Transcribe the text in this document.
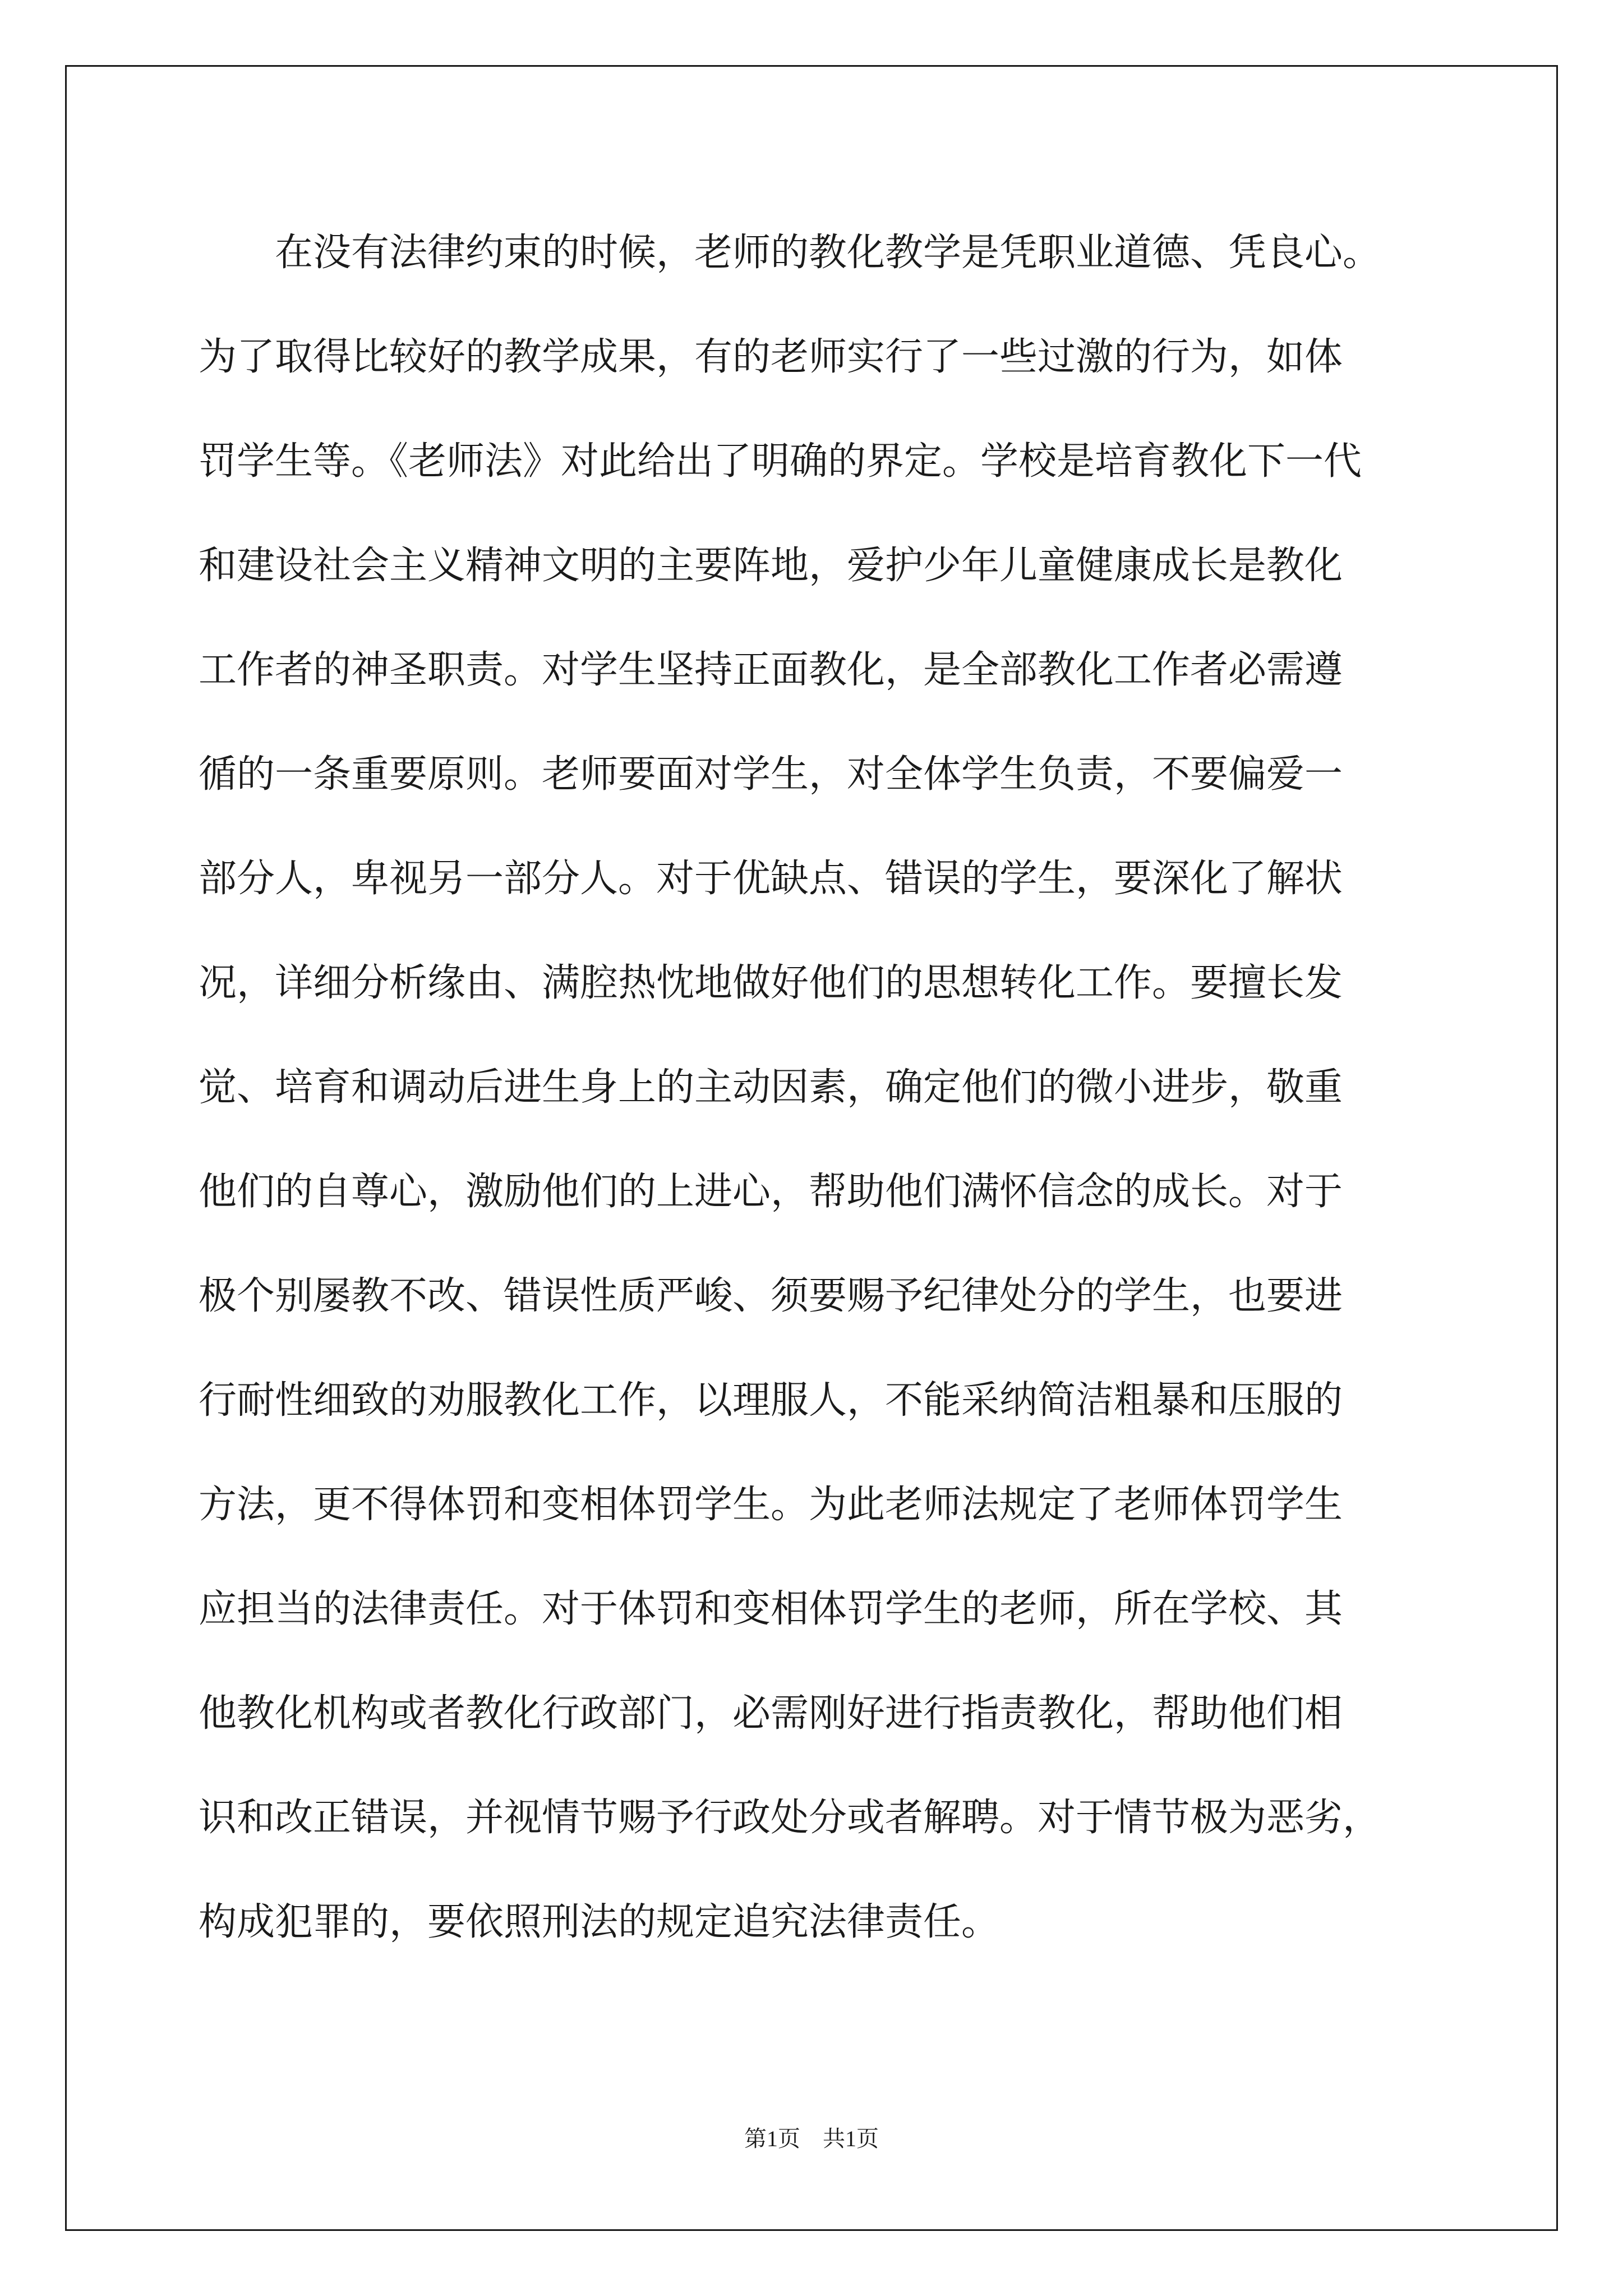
　　在没有法律约束的时候，老师的教化教学是凭职业道德、凭良心。
为了取得比较好的教学成果，有的老师实行了一些过激的行为，如体
罚学生等。《老师法》对此给出了明确的界定。学校是培育教化下一代
和建设社会主义精神文明的主要阵地，爱护少年儿童健康成长是教化
工作者的神圣职责。对学生坚持正面教化，是全部教化工作者必需遵
循的一条重要原则。老师要面对学生，对全体学生负责，不要偏爱一
部分人，卑视另一部分人。对于优缺点、错误的学生，要深化了解状
况，详细分析缘由、满腔热忱地做好他们的思想转化工作。要擅长发
觉、培育和调动后进生身上的主动因素，确定他们的微小进步，敬重
他们的自尊心，激励他们的上进心，帮助他们满怀信念的成长。对于
极个别屡教不改、错误性质严峻、须要赐予纪律处分的学生，也要进
行耐性细致的劝服教化工作，以理服人，不能采纳简洁粗暴和压服的
方法，更不得体罚和变相体罚学生。为此老师法规定了老师体罚学生
应担当的法律责任。对于体罚和变相体罚学生的老师，所在学校、其
他教化机构或者教化行政部门，必需刚好进行指责教化，帮助他们相
识和改正错误，并视情节赐予行政处分或者解聘。对于情节极为恶劣，
构成犯罪的，要依照刑法的规定追究法律责任。

第1页　共1页
